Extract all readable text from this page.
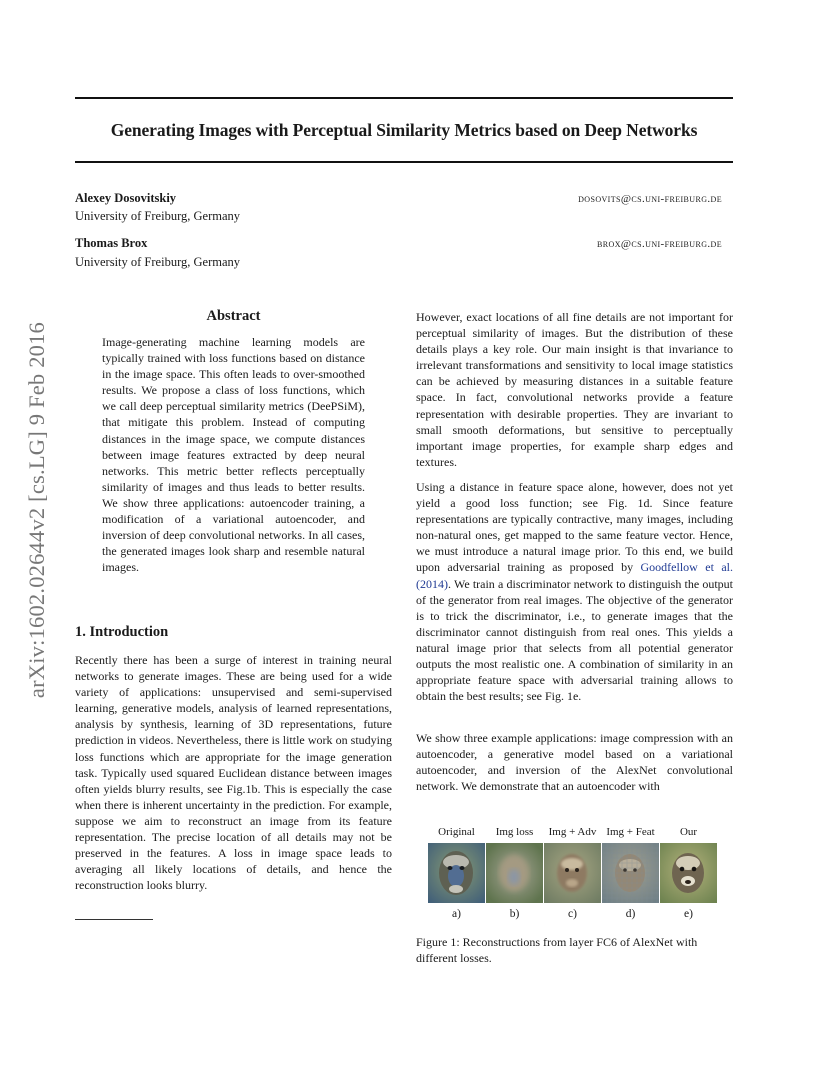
Generating Images with Perceptual Similarity Metrics based on Deep Networks
Alexey Dosovitskiy	dosovits@cs.uni-freiburg.de
University of Freiburg, Germany
Thomas Brox	brox@cs.uni-freiburg.de
University of Freiburg, Germany
arXiv:1602.02644v2 [cs.LG] 9 Feb 2016
Abstract

Image-generating machine learning models are typically trained with loss functions based on distance in the image space. This often leads to over-smoothed results. We propose a class of loss functions, which we call deep perceptual similarity metrics (DeePSiM), that mitigate this problem. Instead of computing distances in the image space, we compute distances between image features extracted by deep neural networks. This metric better reflects perceptually similarity of images and thus leads to better results. We show three applications: autoencoder training, a modification of a variational autoencoder, and inversion of deep convolutional networks. In all cases, the generated images look sharp and resemble natural images.

1. Introduction

Recently there has been a surge of interest in training neural networks to generate images. These are being used for a wide variety of applications: unsupervised and semi-supervised learning, generative models, analysis of learned representations, analysis by synthesis, learning of 3D representations, future prediction in videos. Nevertheless, there is little work on studying loss functions which are appropriate for the image generation task. Typically used squared Euclidean distance between images often yields blurry results, see Fig.1b. This is especially the case when there is inherent uncertainty in the prediction. For example, suppose we aim to reconstruct an image from its feature representation. The precise location of all details may not be preserved in the features. A loss in image space leads to averaging all likely locations of details, and hence the reconstruction looks blurry.

However, exact locations of all fine details are not important for perceptual similarity of images. But the distribution of these details plays a key role. Our main insight is that invariance to irrelevant transformations and sensitivity to local image statistics can be achieved by measuring distances in a suitable feature space. In fact, convolutional networks provide a feature representation with desirable properties. They are invariant to small smooth deformations, but sensitive to perceptually important image properties, for example sharp edges and textures.

Using a distance in feature space alone, however, does not yet yield a good loss function; see Fig. 1d. Since feature representations are typically contractive, many images, including non-natural ones, get mapped to the same feature vector. Hence, we must introduce a natural image prior. To this end, we build upon adversarial training as proposed by Goodfellow et al. (2014). We train a discriminator network to distinguish the output of the generator from real images. The objective of the generator is to trick the discriminator, i.e., to generate images that the discriminator cannot distinguish from real ones. This yields a natural image prior that selects from all potential generator outputs the most realistic one. A combination of similarity in an appropriate feature space with adversarial training allows to obtain the best results; see Fig. 1e.

We show three example applications: image compression with an autoencoder, a generative model based on a variational autoencoder, and inversion of the AlexNet convolutional network. We demonstrate that an autoencoder with

Original	Img loss	Img + Adv Img + Feat	Our
a)	b)	c)	d)	e)
Figure 1: Reconstructions from layer FC6 of AlexNet with different losses.
